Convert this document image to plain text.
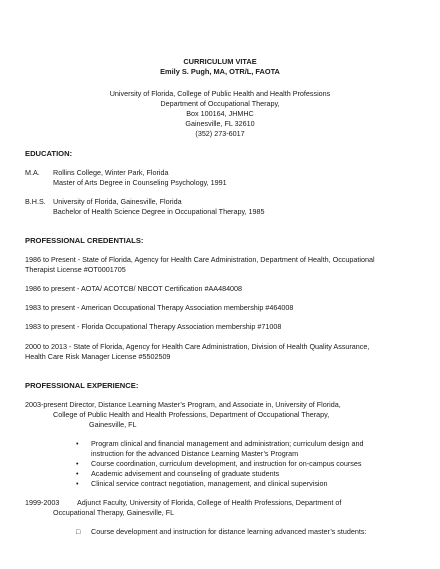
CURRICULUM VITAE
Emily S. Pugh, MA, OTR/L, FAOTA
University of Florida, College of Public Health and Health Professions
Department of Occupational Therapy,
Box 100164, JHMHC
Gainesville, FL 32610
(352) 273-6017
EDUCATION:
M.A. Rollins College, Winter Park, Florida
Master of Arts Degree in Counseling Psychology, 1991
B.H.S. University of Florida, Gainesville, Florida
Bachelor of Health Science Degree in Occupational Therapy, 1985
PROFESSIONAL CREDENTIALS:
1986 to Present - State of Florida, Agency for Health Care Administration, Department of Health, Occupational
Therapist License #OT0001705
1986 to present - AOTA/ ACOTCB/ NBCOT Certification #AA484008
1983 to present - American Occupational Therapy Association membership #464008
1983 to present - Florida Occupational Therapy Association membership #71008
2000 to 2013 - State of Florida, Agency for Health Care Administration, Division of Health Quality Assurance,
Health Care Risk Manager License #5502509
PROFESSIONAL EXPERIENCE:
2003-present Director, Distance Learning Master’s Program, and Associate in, University of Florida,
College of Public Health and Health Professions, Department of Occupational Therapy,
Gainesville, FL
• Program clinical and financial management and administration; curriculum design and
instruction for the advanced Distance Learning Master’s Program
• Course coordination, curriculum development, and instruction for on-campus courses
• Academic advisement and counseling of graduate students
• Clinical service contract negotiation, management, and clinical supervision
1999-2003 Adjunct Faculty, University of Florida, College of Health Professions, Department of
Occupational Therapy, Gainesville, FL
□ Course development and instruction for distance learning advanced master’s students:
